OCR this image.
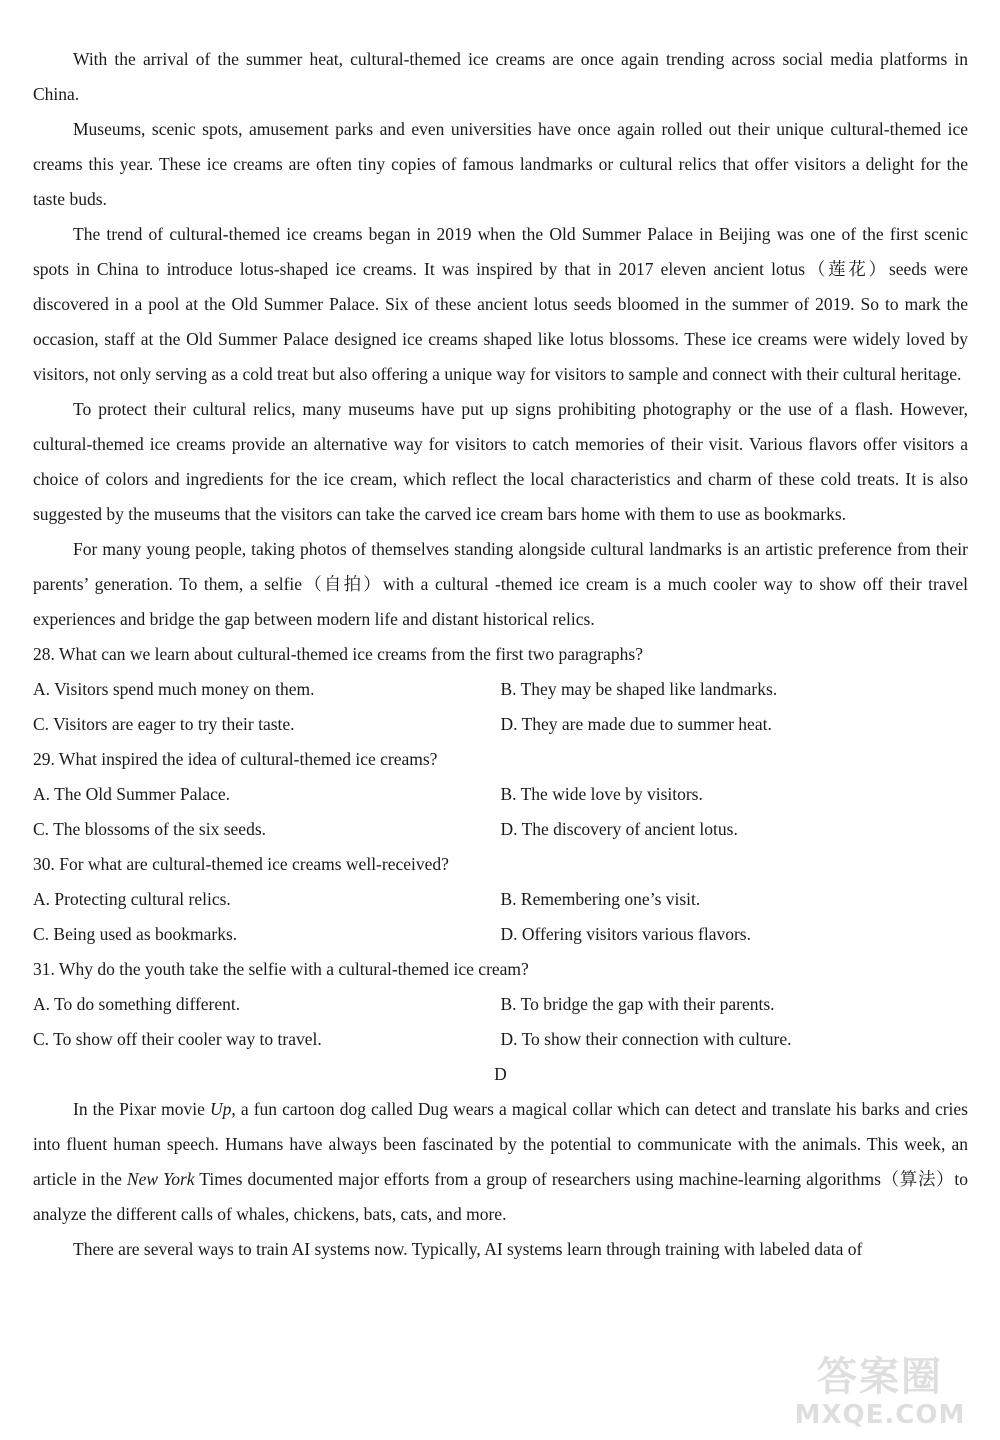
With the arrival of the summer heat, cultural-themed ice creams are once again trending across social media platforms in China.

Museums, scenic spots, amusement parks and even universities have once again rolled out their unique cultural-themed ice creams this year. These ice creams are often tiny copies of famous landmarks or cultural relics that offer visitors a delight for the taste buds.

The trend of cultural-themed ice creams began in 2019 when the Old Summer Palace in Beijing was one of the first scenic spots in China to introduce lotus-shaped ice creams. It was inspired by that in 2017 eleven ancient lotus（莲花）seeds were discovered in a pool at the Old Summer Palace. Six of these ancient lotus seeds bloomed in the summer of 2019. So to mark the occasion, staff at the Old Summer Palace designed ice creams shaped like lotus blossoms. These ice creams were widely loved by visitors, not only serving as a cold treat but also offering a unique way for visitors to sample and connect with their cultural heritage.

To protect their cultural relics, many museums have put up signs prohibiting photography or the use of a flash. However, cultural-themed ice creams provide an alternative way for visitors to catch memories of their visit. Various flavors offer visitors a choice of colors and ingredients for the ice cream, which reflect the local characteristics and charm of these cold treats. It is also suggested by the museums that the visitors can take the carved ice cream bars home with them to use as bookmarks.

For many young people, taking photos of themselves standing alongside cultural landmarks is an artistic preference from their parents’ generation. To them, a selfie（自拍）with a cultural -themed ice cream is a much cooler way to show off their travel experiences and bridge the gap between modern life and distant historical relics.

28. What can we learn about cultural-themed ice creams from the first two paragraphs?

A. Visitors spend much money on them.	B. They may be shaped like landmarks.
C. Visitors are eager to try their taste.	D. They are made due to summer heat.

29. What inspired the idea of cultural-themed ice creams?

A. The Old Summer Palace.	B. The wide love by visitors.
C. The blossoms of the six seeds.	D. The discovery of ancient lotus.

30. For what are cultural-themed ice creams well-received?

A. Protecting cultural relics.	B. Remembering one’s visit.
C. Being used as bookmarks.	D. Offering visitors various flavors.

31. Why do the youth take the selfie with a cultural-themed ice cream?

A. To do something different.	B. To bridge the gap with their parents.
C. To show off their cooler way to travel.	D. To show their connection with culture.

D

In the Pixar movie Up, a fun cartoon dog called Dug wears a magical collar which can detect and translate his barks and cries into fluent human speech. Humans have always been fascinated by the potential to communicate with the animals. This week, an article in the New York Times documented major efforts from a group of researchers using machine-learning algorithms（算法）to analyze the different calls of whales, chickens, bats, cats, and more.

There are several ways to train AI systems now. Typically, AI systems learn through training with labeled data of

答案圈
MXQE.COM
